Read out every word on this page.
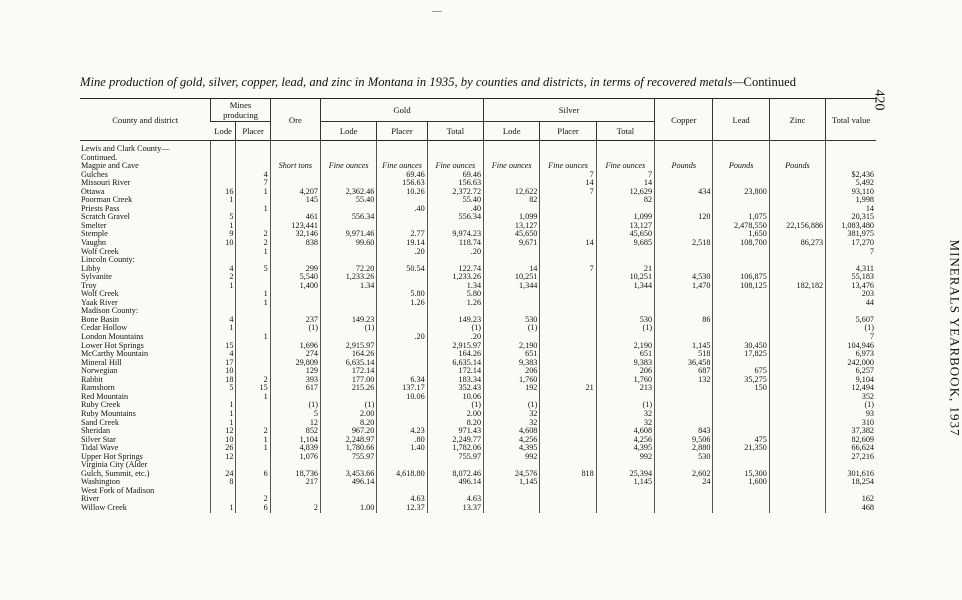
—
Mine production of gold, silver, copper, lead, and zinc in Montana in 1935, by counties and districts, in terms of recovered metals—Continued
420
MINERALS YEARBOOK, 1937
County and district	Mines producing		Ore	Gold			Silver			Copper	Lead	Zinc	Total value
	Lode	Placer		Lode	Placer	Total	Lode	Placer	Total				

Lewis and Clark County—													
Continued.													
Magpie and Cave			Short tons	Fine ounces	Fine ounces	Fine ounces	Fine ounces	Fine ounces	Fine ounces	Pounds	Pounds	Pounds	
Gulches		4			69.46	69.46		7	7				$2,436
Missouri River		7			156.63	156.63		14	14				5,492
Ottawa	16	1	4,207	2,362.46	10.26	2,372.72	12,622	7	12,629	434	23,800		93,110
Poorman Creek	1		145	55.40		55.40	82		82				1,998
Priests Pass		1			.40	.40							14
Scratch Gravel	5		461	556.34		556.34	1,099		1,099	120	1,075		20,315
Smelter	1		123,441				13,127		13,127		2,478,550	22,156,886	1,083,480
Stemple	9	2	32,146	9,971.46	2.77	9,974.23	45,650		45,650		1,650		381,975
Vaughn	10	2	838	99.60	19.14	118.74	9,671	14	9,685	2,518	108,700	86,273	17,270
Wolf Creek		1			.20	.20							7
Lincoln County:													
Libby	4	5	299	72.20	50.54	122.74	14	7	21				4,311
Sylvanite	2		5,540	1,233.26		1,233.26	10,251		10,251	4,530	106,875		55,183
Troy	1		1,400	1.34		1.34	1,344		1,344	1,470	108,125	182,182	13,476
Wolf Creek		1			5.80	5.80							203
Yaak River		1			1.26	1.26							44
Madison County:													
Bone Basin	4		237	149.23		149.23	530		530	86			5,607
Cedar Hollow	1		(1)	(1)		(1)	(1)		(1)				(1)
London Mountains		1			.20	.20							7
Lower Hot Springs	15		1,696	2,915.97		2,915.97	2,190		2,190	1,145	30,450		104,946
McCarthy Mountain	4		274	164.26		164.26	651		651	518	17,825		6,973
Mineral Hill	17		29,809	6,635.14		6,635.14	9,383		9,383	36,458			242,000
Norwegian	10		129	172.14		172.14	206		206	687	675		6,257
Rabbit	18	2	393	177.00	6.34	183.34	1,760		1,760	132	35,275		9,104
Ramshorn	5	15	617	215.26	137.17	352.43	192	21	213		150		12,494
Red Mountain		1			10.06	10.06							352
Ruby Creek	1		(1)	(1)		(1)	(1)		(1)				(1)
Ruby Mountains	1		5	2.00		2.00	32		32				93
Sand Creek	1		12	8.20		8.20	32		32				310
Sheridan	12	2	852	967.20	4.23	971.43	4,608		4,608	843			37,382
Silver Star	10	1	1,104	2,248.97	.80	2,249.77	4,256		4,256	9,506	475		82,609
Tidal Wave	26	1	4,839	1,780.66	1.40	1,782.06	4,395		4,395	2,880	21,350		66,624
Upper Hot Springs	12		1,076	755.97		755.97	992		992	530			27,216
Virginia City (Alder													
Gulch, Summit, etc.)	24	6	18,736	3,453.66	4,618.80	8,072.46	24,576	818	25,394	2,602	15,300		301,616
Washington	8		217	496.14		496.14	1,145		1,145	24	1,600		18,254
West Fork of Madison													
River		2			4.63	4.63							162
Willow Creek	1	6	2	1.00	12.37	13.37							468
